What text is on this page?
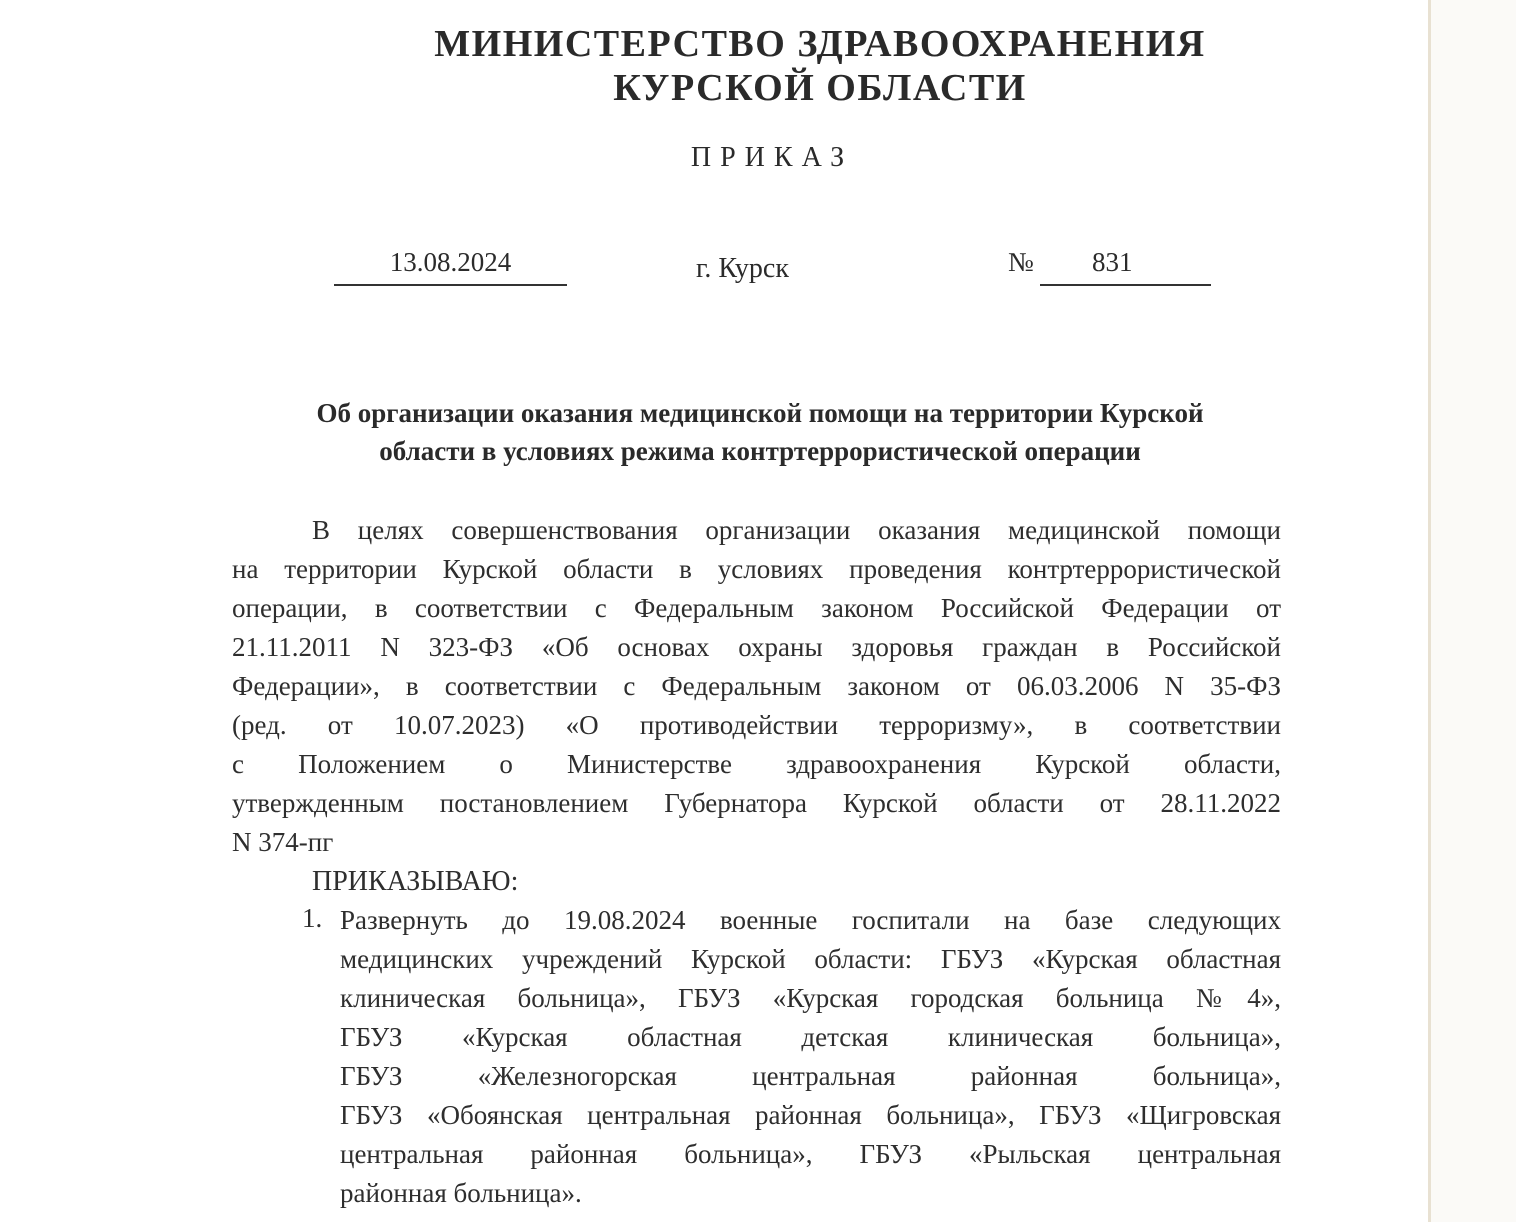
МИНИСТЕРСТВО ЗДРАВООХРАНЕНИЯ
КУРСКОЙ ОБЛАСТИ
ПРИКАЗ
13.08.2024	г. Курск	№	831
Об организации оказания медицинской помощи на территории Курской
области в условиях режима контртеррористической операции
В целях совершенствования организации оказания медицинской помощи
на территории Курской области в условиях проведения контртеррористической
операции, в соответствии с Федеральным законом Российской Федерации от
21.11.2011 N 323-ФЗ «Об основах охраны здоровья граждан в Российской
Федерации», в соответствии с Федеральным законом от 06.03.2006 N 35-ФЗ
(ред. от 10.07.2023) «О противодействии терроризму», в соответствии
с Положением о Министерстве здравоохранения Курской области,
утвержденным постановлением Губернатора Курской области от 28.11.2022
N 374-пг
ПРИКАЗЫВАЮ:
1. Развернуть до 19.08.2024 военные госпитали на базе следующих
медицинских учреждений Курской области: ГБУЗ «Курская областная
клиническая больница», ГБУЗ «Курская городская больница №4»,
ГБУЗ «Курская областная детская клиническая больница»,
ГБУЗ «Железногорская центральная районная больница»,
ГБУЗ «Обоянская центральная районная больница», ГБУЗ «Щигровская
центральная районная больница», ГБУЗ «Рыльская центральная
районная больница».
